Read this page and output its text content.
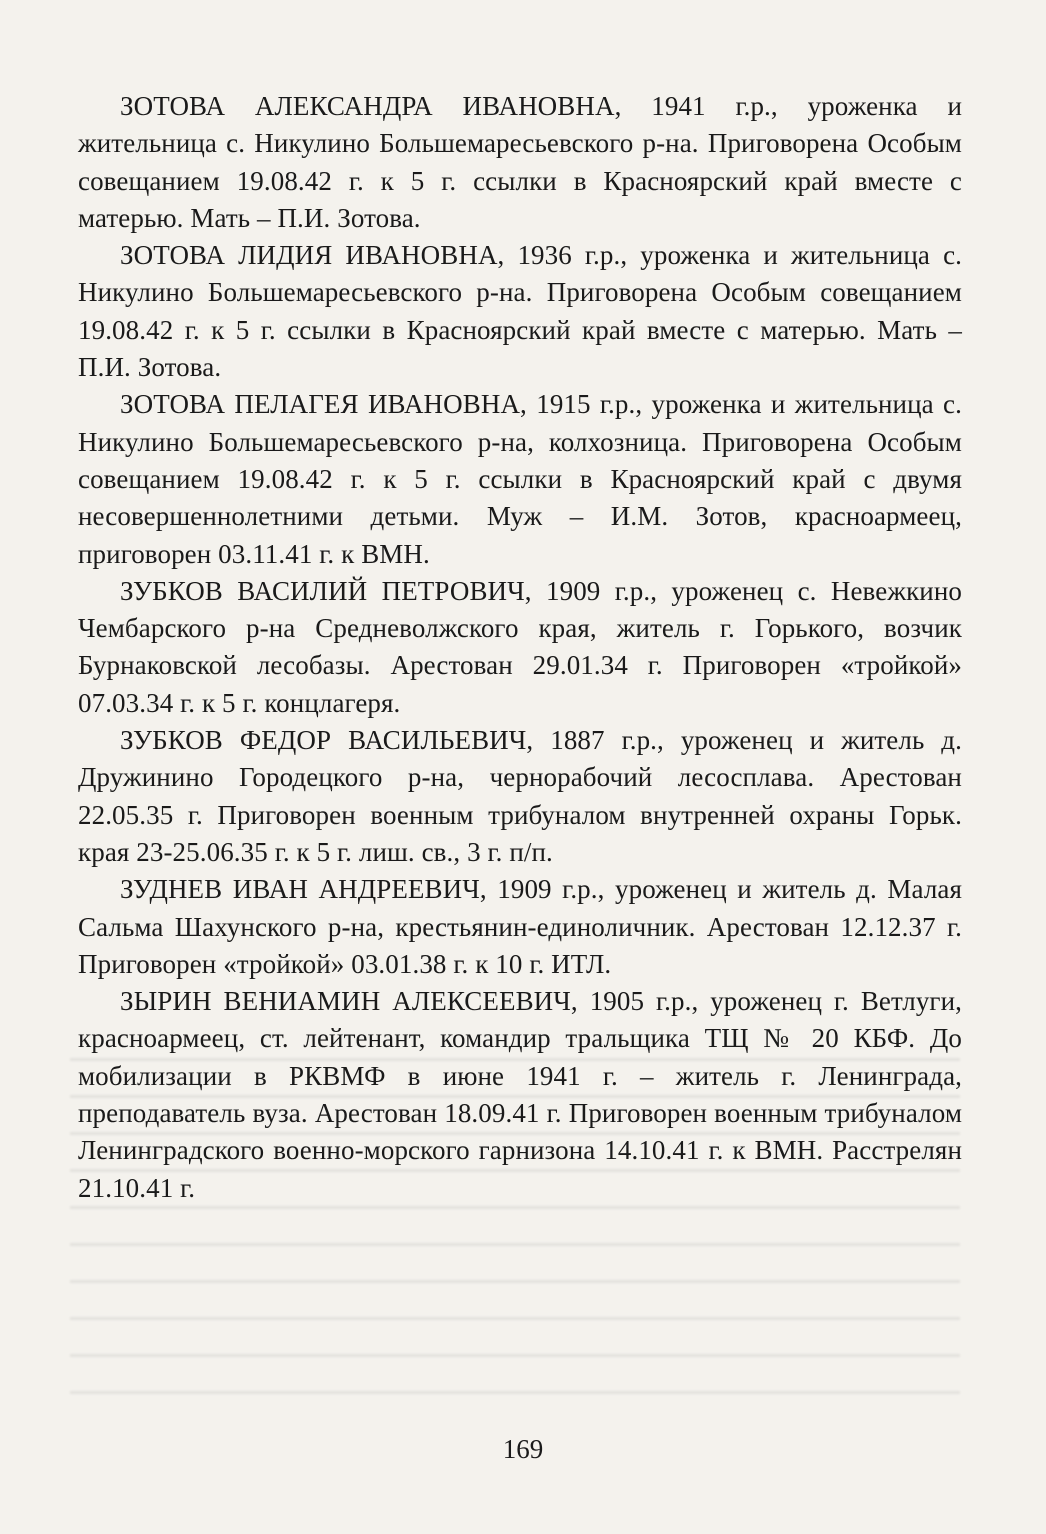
ЗОТОВА АЛЕКСАНДРА ИВАНОВНА, 1941 г.р., уроженка и жительница с. Никулино Большемаресьевского р-на. Приговорена Особым совещанием 19.08.42 г. к 5 г. ссылки в Красноярский край вместе с матерью. Мать – П.И. Зотова.

ЗОТОВА ЛИДИЯ ИВАНОВНА, 1936 г.р., уроженка и жительница с. Никулино Большемаресьевского р-на. Приговорена Особым совещанием 19.08.42 г. к 5 г. ссылки в Красноярский край вместе с матерью. Мать – П.И. Зотова.

ЗОТОВА ПЕЛАГЕЯ ИВАНОВНА, 1915 г.р., уроженка и жительница с. Никулино Большемаресьевского р-на, колхозница. Приговорена Особым совещанием 19.08.42 г. к 5 г. ссылки в Красноярский край с двумя несовершеннолетними детьми. Муж – И.М. Зотов, красноармеец, приговорен 03.11.41 г. к ВМН.

ЗУБКОВ ВАСИЛИЙ ПЕТРОВИЧ, 1909 г.р., уроженец с. Невежкино Чембарского р-на Средневолжского края, житель г. Горького, возчик Бурнаковской лесобазы. Арестован 29.01.34 г. Приговорен «тройкой» 07.03.34 г. к 5 г. концлагеря.

ЗУБКОВ ФЕДОР ВАСИЛЬЕВИЧ, 1887 г.р., уроженец и житель д. Дружинино Городецкого р-на, чернорабочий лесосплава. Арестован 22.05.35 г. Приговорен военным трибуналом внутренней охраны Горьк. края 23-25.06.35 г. к 5 г. лиш. св., 3 г. п/п.

ЗУДНЕВ ИВАН АНДРЕЕВИЧ, 1909 г.р., уроженец и житель д. Малая Сальма Шахунского р-на, крестьянин-единоличник. Арестован 12.12.37 г. Приговорен «тройкой» 03.01.38 г. к 10 г. ИТЛ.

ЗЫРИН ВЕНИАМИН АЛЕКСЕЕВИЧ, 1905 г.р., уроженец г. Ветлуги, красноармеец, ст. лейтенант, командир тральщика ТЩ № 20 КБФ. До мобилизации в РКВМФ в июне 1941 г. – житель г. Ленинграда, преподаватель вуза. Арестован 18.09.41 г. Приговорен военным трибуналом Ленинградского военно-морского гарнизона 14.10.41 г. к ВМН. Расстрелян 21.10.41 г.

169
